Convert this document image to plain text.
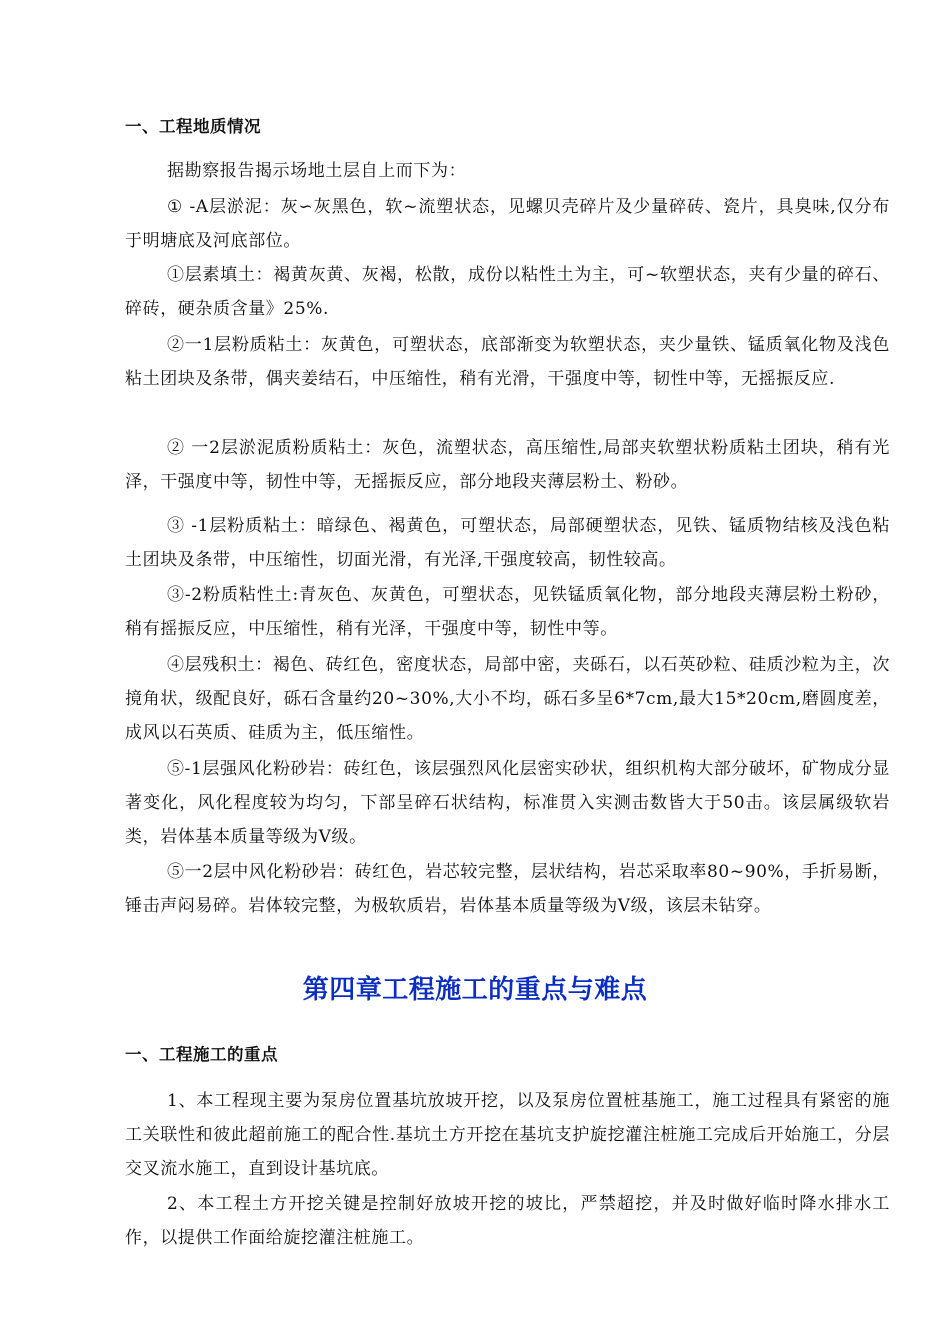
一、工程地质情况

据勘察报告揭示场地土层自上而下为：

① -A层淤泥：灰∽灰黑色，软~流塑状态，见螺贝壳碎片及少量碎砖、瓷片，具臭味,仅分布于明塘底及河底部位。

①层素填土：褐黄灰黄、灰褐，松散，成份以粘性土为主，可~软塑状态，夹有少量的碎石、碎砖，硬杂质含量》25%.

②一1层粉质粘土：灰黄色，可塑状态，底部渐变为软塑状态，夹少量铁、锰质氧化物及浅色粘土团块及条带，偶夹姜结石，中压缩性，稍有光滑，干强度中等，韧性中等，无摇振反应.

② 一2层淤泥质粉质粘土：灰色，流塑状态，高压缩性,局部夹软塑状粉质粘土团块，稍有光泽，干强度中等，韧性中等，无摇振反应，部分地段夹薄层粉土、粉砂。

③ -1层粉质粘土：暗绿色、褐黄色，可塑状态，局部硬塑状态，见铁、锰质物结核及浅色粘土团块及条带，中压缩性，切面光滑，有光泽,干强度较高，韧性较高。

③-2粉质粘性土:青灰色、灰黄色，可塑状态，见铁锰质氧化物，部分地段夹薄层粉土粉砂，稍有摇振反应，中压缩性，稍有光泽，干强度中等，韧性中等。

④层残积土：褐色、砖红色，密度状态，局部中密，夹砾石，以石英砂粒、硅质沙粒为主，次摬角状，级配良好，砾石含量约20~30%,大小不均，砾石多呈6*7cm,最大15*20cm,磨圆度差，成风以石英质、硅质为主，低压缩性。

⑤-1层强风化粉砂岩：砖红色，该层强烈风化层密实砂状，组织机构大部分破坏，矿物成分显著变化，风化程度较为均匀，下部呈碎石状结构，标准贯入实测击数皆大于50击。该层属级软岩类，岩体基本质量等级为V级。

⑤一2层中风化粉砂岩：砖红色，岩芯较完整，层状结构，岩芯采取率80~90%，手折易断，锤击声闷易碎。岩体较完整，为极软质岩，岩体基本质量等级为V级，该层未钻穿。

第四章工程施工的重点与难点
一、工程施工的重点

1、本工程现主要为泵房位置基坑放坡开挖，以及泵房位置桩基施工，施工过程具有紧密的施工关联性和彼此超前施工的配合性.基坑土方开挖在基坑支护旋挖灌注桩施工完成后开始施工，分层交叉流水施工，直到设计基坑底。

2、本工程土方开挖关键是控制好放坡开挖的坡比，严禁超挖，并及时做好临时降水排水工作，以提供工作面给旋挖灌注桩施工。
